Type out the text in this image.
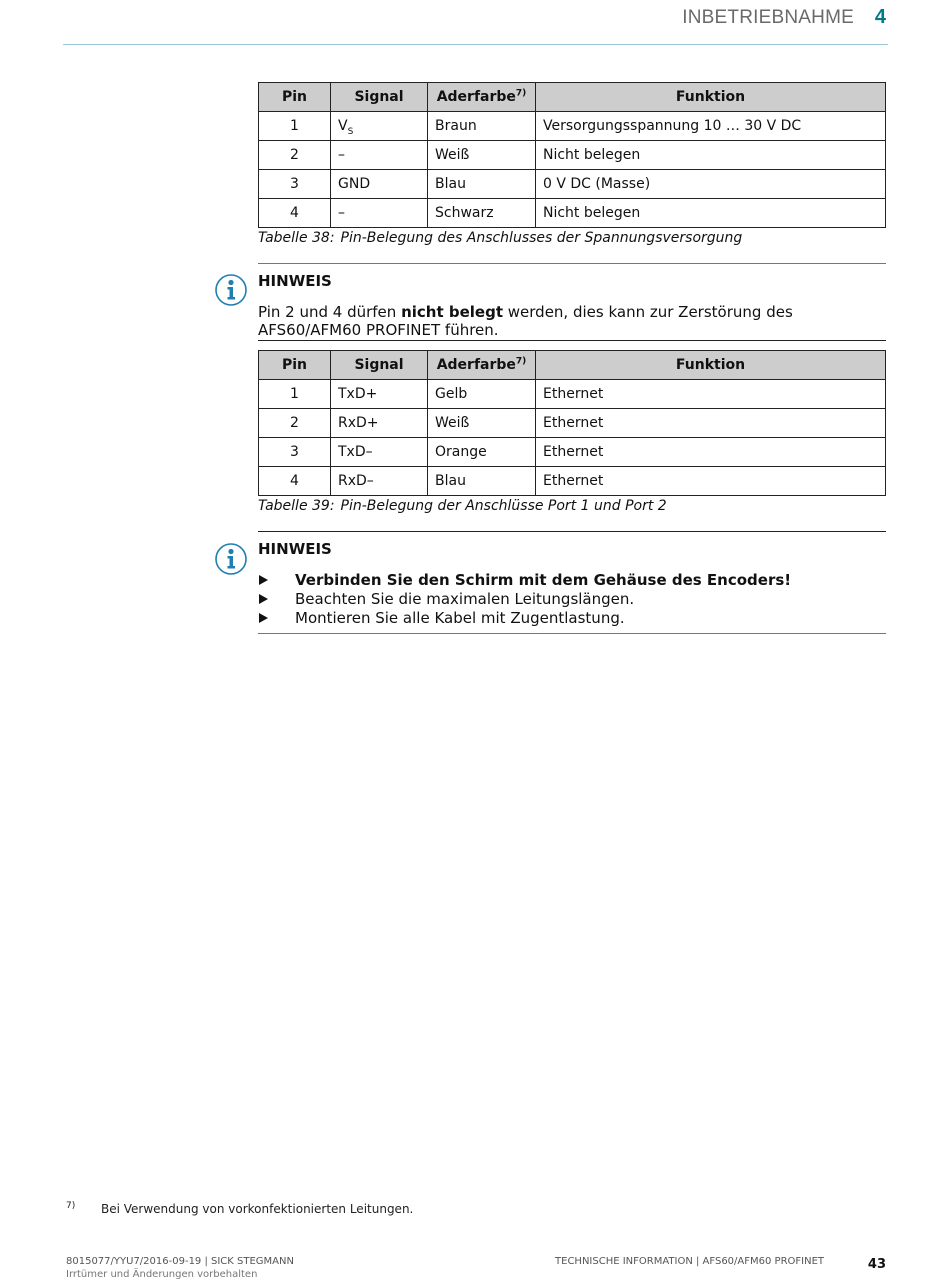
INBETRIEBNAHME 4
Pin	Signal	Aderfarbe$^{7)}$	Funktion
1	$V_S$	Braun	Versorgungsspannung 10 … 30 V DC
2	–	Weiß	Nicht belegen
3	GND	Blau	0 V DC (Masse)
4	–	Schwarz	Nicht belegen
Tabelle 38: Pin-Belegung des Anschlusses der Spannungsversorgung
HINWEIS
Pin 2 und 4 dürfen nicht belegt werden, dies kann zur Zerstörung des AFS60/AFM60 PROFINET führen.
Pin	Signal	Aderfarbe$^{7)}$	Funktion
1	TxD+	Gelb	Ethernet
2	RxD+	Weiß	Ethernet
3	TxD–	Orange	Ethernet
4	RxD–	Blau	Ethernet
Tabelle 39: Pin-Belegung der Anschlüsse Port 1 und Port 2
HINWEIS
Verbinden Sie den Schirm mit dem Gehäuse des Encoders!
Beachten Sie die maximalen Leitungslängen.
Montieren Sie alle Kabel mit Zugentlastung.
7) Bei Verwendung von vorkonfektionierten Leitungen.
8015077/YYU7/2016-09-19 | SICK STEGMANN
Irrtümer und Änderungen vorbehalten
TECHNISCHE INFORMATION | AFS60/AFM60 PROFINET	43
